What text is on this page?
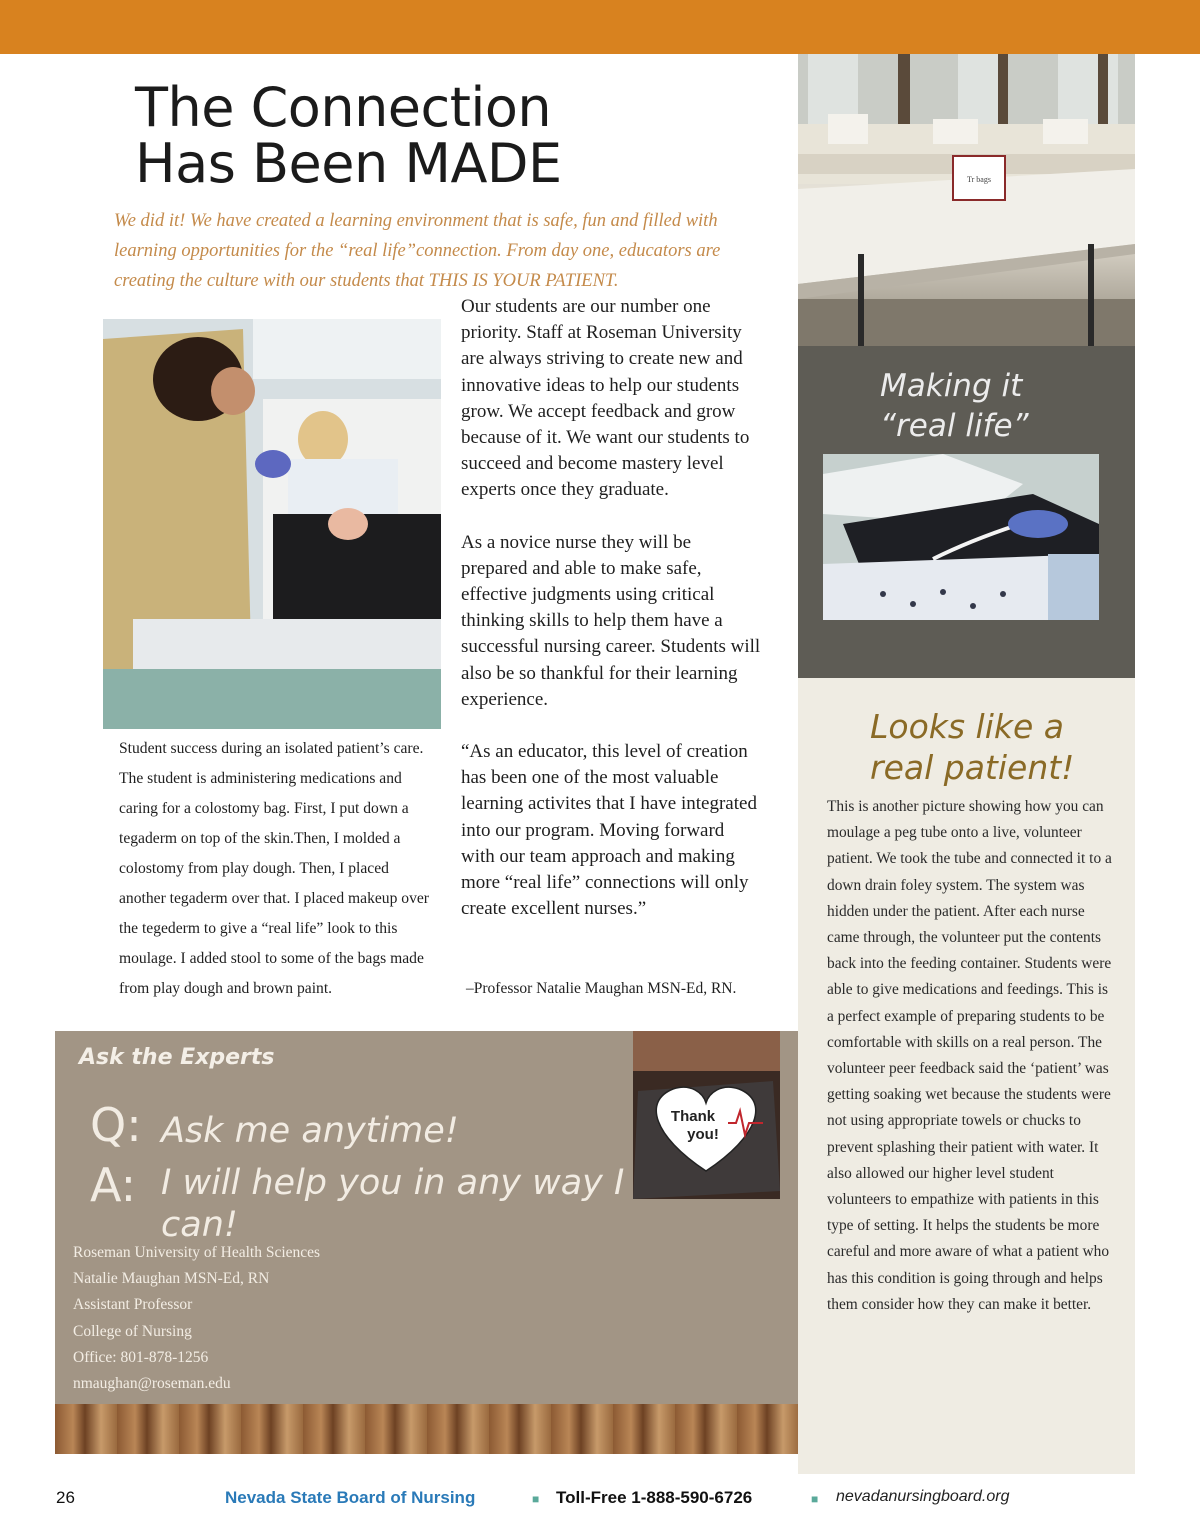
Tr bags
Making it
“real life”
Looks like a
real patient!
This is another picture showing how you can moulage a peg tube onto a live, volunteer patient. We took the tube and connected it to a down drain foley system. The system was hidden under the patient. After each nurse came through, the volunteer put the contents back into the feeding container. Students were able to give medications and feedings. This is a perfect example of preparing students to be comfortable with skills on a real person. The volunteer peer feedback said the ‘patient’ was getting soaking wet because the students were not using appropriate towels or chucks to prevent splashing their patient with water. It also allowed our higher level student volunteers to empathize with patients in this type of setting. It helps the students be more careful and more aware of what a patient who has this condition is going through and helps them consider how they can make it better.
The Connection
Has Been MADE
We did it! We have created a learning environment that is safe, fun and filled with learning opportunities for the “real life”connection. From day one, educators are creating the culture with our students that THIS IS YOUR PATIENT.
Student success during an isolated patient’s care. The student is administering medications and caring for a colostomy bag. First, I put down a tegaderm on top of the skin.Then, I molded a colostomy from play dough. Then, I placed another tegaderm over that. I placed makeup over the tegederm to give a “real life” look to this moulage. I added stool to some of the bags made from play dough and brown paint.

Our students are our number one priority. Staff at Roseman University are always striving to create new and innovative ideas to help our students grow. We accept feedback and grow because of it. We want our students to succeed and become mastery level experts once they graduate.

As a novice nurse they will be prepared and able to make safe, effective judgments using critical thinking skills to help them have a successful nursing career. Students will also be so thankful for their learning experience.

“As an educator, this level of creation has been one of the most valuable learning activites that I have integrated into our program. Moving forward with our team approach and making more “real life” connections will only create excellent nurses.”

–Professor Natalie Maughan MSN-Ed, RN.
Ask the Experts
Q: Ask me anytime!
A: I will help you in any way I can!
Roseman University of Health Sciences
Natalie Maughan MSN-Ed, RN
Assistant Professor
College of Nursing
Office: 801-878-1256
nmaughan@roseman.edu
Thank
you!
26	Nevada State Board of Nursing	■ Toll-Free 1-888-590-6726	■ nevadanursingboard.org
